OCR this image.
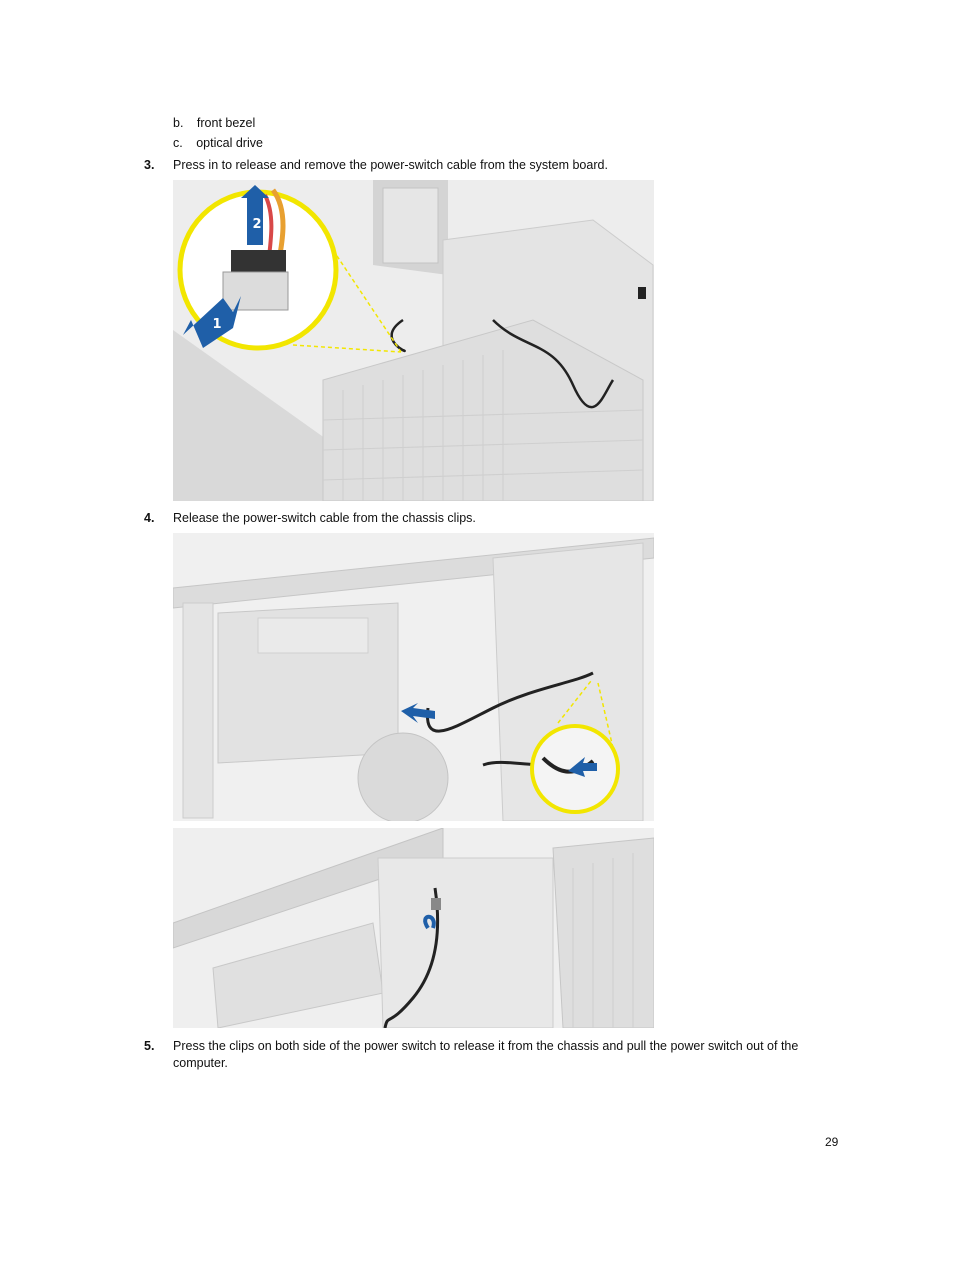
b. front bezel
c. optical drive
3. Press in to release and remove the power-switch cable from the system board.
2
1
4. Release the power-switch cable from the chassis clips.
5. Press the clips on both side of the power switch to release it from the chassis and pull the power switch out of the
computer.
29
